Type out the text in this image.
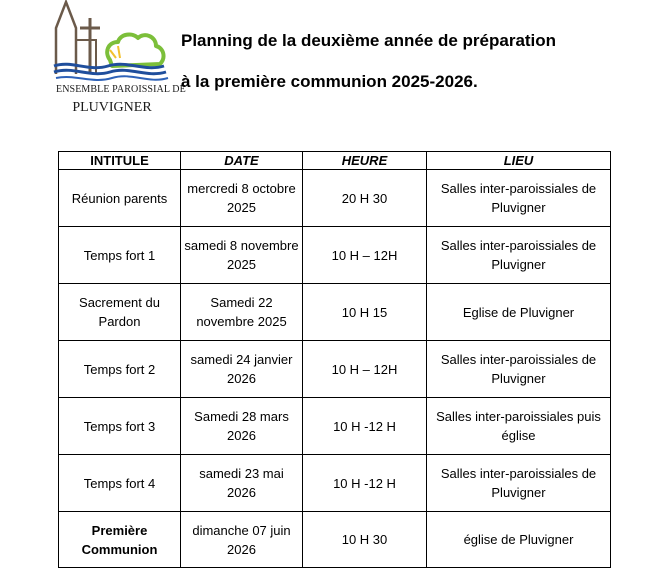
ENSEMBLE PAROISSIAL DE
PLUVIGNER
Planning de la deuxième année de préparation
à la première communion 2025-2026.
INTITULE	DATE	HEURE	LIEU
Réunion parents	mercredi 8 octobre 2025	20 H 30	Salles inter-paroissiales de Pluvigner
Temps fort 1	samedi 8 novembre 2025	10 H – 12H	Salles inter-paroissiales de Pluvigner
Sacrement du Pardon	Samedi 22 novembre 2025	10 H 15	Eglise de Pluvigner
Temps fort 2	samedi 24 janvier 2026	10 H – 12H	Salles inter-paroissiales de Pluvigner
Temps fort 3	Samedi 28 mars 2026	10 H -12 H	Salles inter-paroissiales puis église
Temps fort 4	samedi 23 mai 2026	10 H -12 H	Salles inter-paroissiales de Pluvigner
Première Communion	dimanche 07 juin 2026	10 H 30	église de Pluvigner
